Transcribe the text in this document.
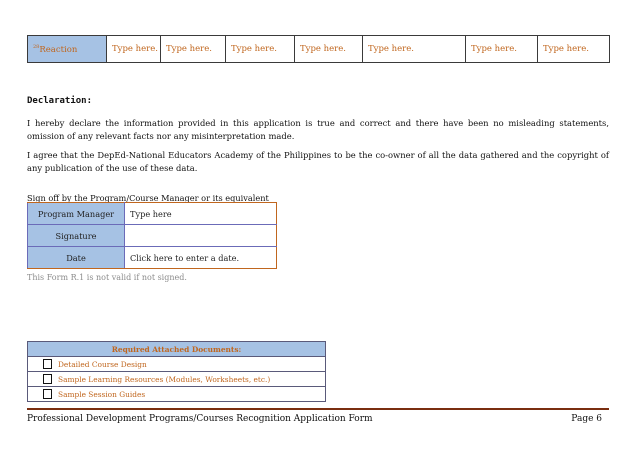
$^{28}$Reaction	Type here.	Type here.	Type here.	Type here.	Type here.	Type here.	Type here.
Declaration:
I hereby declare the information provided in this application is true and correct and there have been no misleading statements, omission of any relevant facts nor any misinterpretation made.
I agree that the DepEd-National Educators Academy of the Philippines to be the co-owner of all the data gathered and the copyright of any publication of the use of these data.
Sign off by the Program/Course Manager or its equivalent
Program Manager	Type here
Signature	
Date	Click here to enter a date.
This Form R.1 is not valid if not signed.
Required Attached Documents:

Detailed Course Design

Sample Learning Resources (Modules, Worksheets, etc.)

Sample Session Guides
Professional Development Programs/Courses Recognition Application Form	Page 6
